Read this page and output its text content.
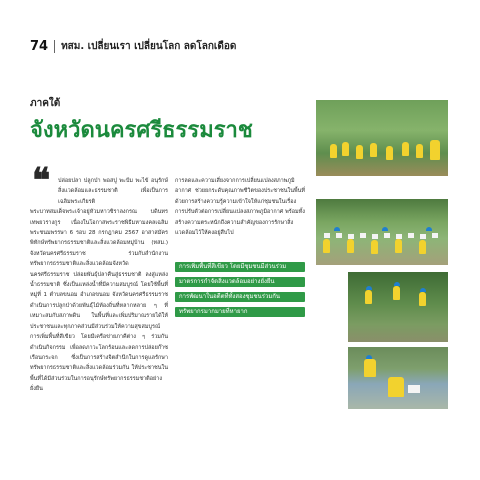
74 ทสม. เปลี่ยนเรา เปลี่ยนโลก ลดโลกเดือด
ภาคใต้
จังหวัดนครศรีธรรมราช
❝	ปล่อยปลา ปลูกป่า พอสปู พะป้ม พะไข้ อนุรักษ์สิ่งแวดล้อมและธรรมชาติ เพื่อเป็นการ เฉลิมพระเกียรติ

พระบาทสมเด็จพระเจ้าอยู่หัวมหาวชิราลงกรณ บดินทรเทพยวรางกูร เนื่องในโอกาสพระราชพิธีมหามงคลเฉลิมพระชนมพรรษา 6 รอบ 28 กรกฎาคม 2567 อาสาสมัครพิทักษ์ทรัพยากรธรรมชาติและสิ่งแวดล้อมหมู่บ้าน (ทสม.) จังหวัดนครศรีธรรมราช ร่วมกับสำนักงานทรัพยากรธรรมชาติและสิ่งแวดล้อมจังหวัดนครศรีธรรมราช ปล่อยพันธุ์ปลาคืนสู่ธรรมชาติ ลงสู่แหล่งน้ำธรรมชาติ ซึ่งเป็นแหล่งน้ำที่มีความสมบูรณ์ โดยใช้พื้นที่ หมู่ที่ 1 ตำบลขนอม อำเภอขนอม จังหวัดนครศรีธรรมราช ดำเนินการปลูกป่าด้วยพันธุ์ไม้ท้องถิ่นที่หลากหลาย ๆ ที่เหมาะสมกับสภาพดิน ในพื้นที่และเพิ่มปริมาณรายได้ให้ประชาชนและทุกภาคส่วนมีส่วนร่วมให้ความสุขสมบูรณ์ การเพิ่มพื้นที่สีเขียว โดยมีเครือข่ายภาคีต่าง ๆ ร่วมกันดำเนินกิจกรรม เพื่อลดภาวะโลกร้อนและลดการปล่อยก๊าซเรือนกระจก ซึ่งเป็นการสร้างจิตสำนึกในการดูแลรักษาทรัพยากรธรรมชาติและสิ่งแวดล้อมร่วมกัน ให้ประชาชนในพื้นที่ได้มีส่วนร่วมในการอนุรักษ์ทรัพยากรธรรมชาติอย่างยั่งยืน

การลดและความเสี่ยงจากการเปลี่ยนแปลงสภาพภูมิอากาศ ช่วยยกระดับคุณภาพชีวิตของประชาชนในพื้นที่ ด้วยการสร้างความรู้ความเข้าใจให้แก่ชุมชนในเรื่องการปรับตัวต่อการเปลี่ยนแปลงสภาพภูมิอากาศ พร้อมทั้งสร้างความตระหนักถึงความสำคัญของการรักษาสิ่งแวดล้อมไว้ให้คงอยู่สืบไป

การเพิ่มพื้นที่สีเขียว โดยมีชุมชนมีส่วนร่วม
มาตรการกำจัดสิ่งแวดล้อมอย่างยั่งยืน
การพัฒนาในอดีตที่ทั้งสองชุมชนร่วมกัน
ทรัพยากรมากมายที่หายาก
